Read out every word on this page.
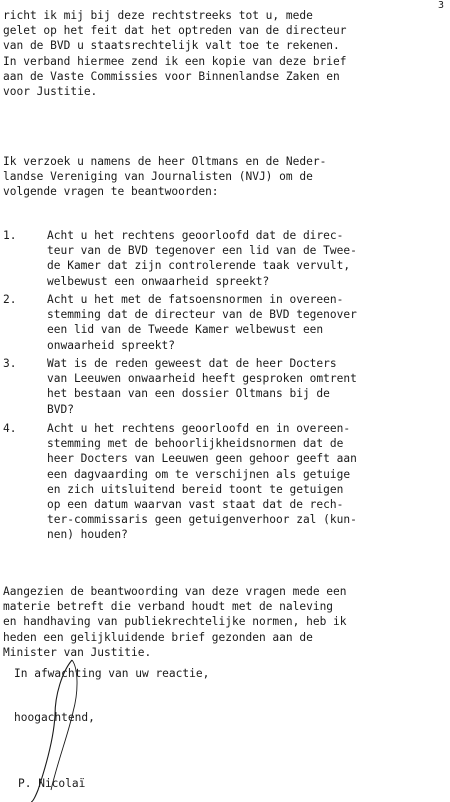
3
richt ik mij bij deze rechtstreeks tot u, mede
gelet op het feit dat het optreden van de directeur
van de BVD u staatsrechtelijk valt toe te rekenen.
In verband hiermee zend ik een kopie van deze brief
aan de Vaste Commissies voor Binnenlandse Zaken en
voor Justitie.
Ik verzoek u namens de heer Oltmans en de Neder-
landse Vereniging van Journalisten (NVJ) om de
volgende vragen te beantwoorden:
1.	Acht u het rechtens geoorloofd dat de direc-
teur van de BVD tegenover een lid van de Twee-
de Kamer dat zijn controlerende taak vervult,
welbewust een onwaarheid spreekt?
2.	Acht u het met de fatsoensnormen in overeen-
stemming dat de directeur van de BVD tegenover
een lid van de Tweede Kamer welbewust een
onwaarheid spreekt?
3.	Wat is de reden geweest dat de heer Docters
van Leeuwen onwaarheid heeft gesproken omtrent
het bestaan van een dossier Oltmans bij de
BVD?
4.	Acht u het rechtens geoorloofd en in overeen-
stemming met de behoorlijkheidsnormen dat de
heer Docters van Leeuwen geen gehoor geeft aan
een dagvaarding om te verschijnen als getuige
en zich uitsluitend bereid toont te getuigen
op een datum waarvan vast staat dat de rech-
ter-commissaris geen getuigenverhoor zal (kun-
nen) houden?
Aangezien de beantwoording van deze vragen mede een
materie betreft die verband houdt met de naleving
en handhaving van publiekrechtelijke normen, heb ik
heden een gelijkluidende brief gezonden aan de
Minister van Justitie.
In afwachting van uw reactie,
hoogachtend,
P. Nicolaï
